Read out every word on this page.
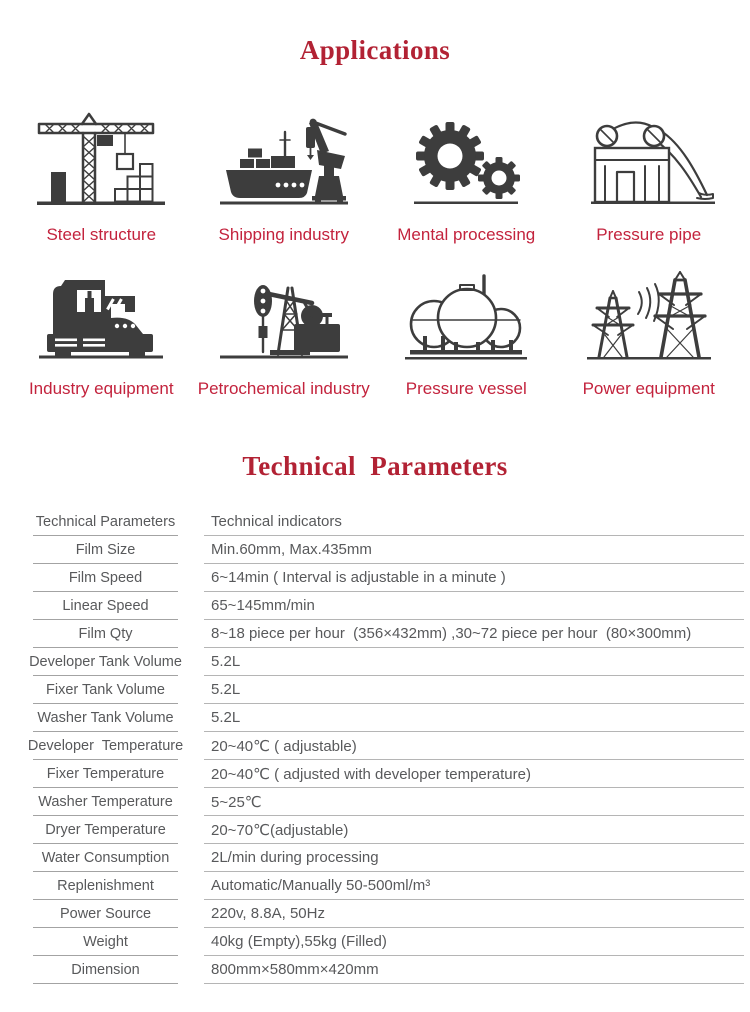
Applications
Steel structure	Shipping industry	Mental processing	Pressure pipe
Industry equipment Petrochemical industry Pressure vessel	Power equipment
Technical  Parameters
Technical Parameters	Technical indicators
Film Size	Min.60mm, Max.435mm
Film Speed	6~14min ( Interval is adjustable in a minute )
Linear Speed	65~145mm/min
Film Qty	8~18 piece per hour  (356×432mm) ,30~72 piece per hour  (80×300mm)
Developer Tank Volume	5.2L
Fixer Tank Volume	5.2L
Washer Tank Volume	5.2L
Developer  Temperature	20~40℃ ( adjustable)
Fixer Temperature	20~40℃ ( adjusted with developer temperature)
Washer Temperature	5~25℃
Dryer Temperature	20~70℃(adjustable)
Water Consumption	2L/min during processing
Replenishment	Automatic/Manually 50-500ml/m³
Power Source	220v, 8.8A, 50Hz
Weight	40kg (Empty),55kg (Filled)
Dimension	800mm×580mm×420mm
